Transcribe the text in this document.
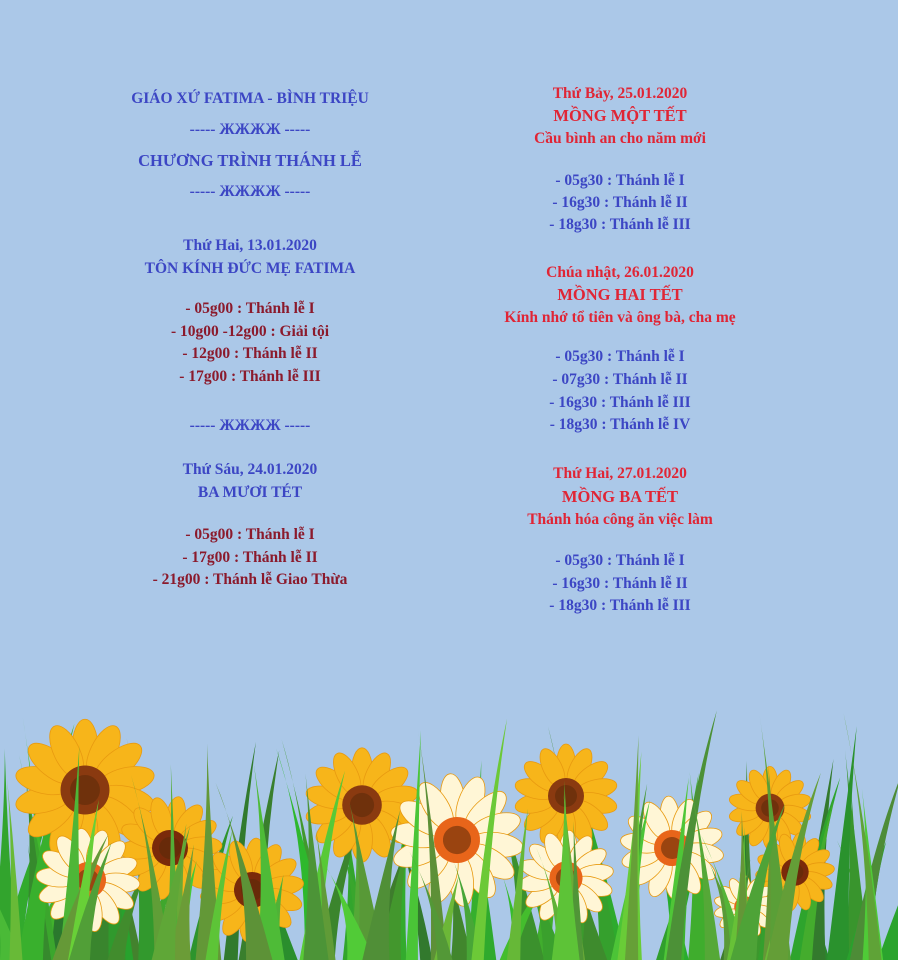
GIÁO XỨ FATIMA - BÌNH TRIỆU
----- ЖЖЖЖ -----
CHƯƠNG TRÌNH THÁNH LỄ
----- ЖЖЖЖ -----
Thứ Hai, 13.01.2020
TÔN KÍNH ĐỨC MẸ FATIMA
- 05g00 : Thánh lễ I
- 10g00 -12g00 : Giải tội
- 12g00 : Thánh lễ II
- 17g00 : Thánh lễ III
----- ЖЖЖЖ -----
Thứ Sáu, 24.01.2020
BA MƯƠI TÉT
- 05g00 : Thánh lễ I
- 17g00 : Thánh lễ II
- 21g00 : Thánh lễ Giao Thừa
Thứ Bảy, 25.01.2020
MỒNG MỘT TẾT
Cầu bình an cho năm mới
- 05g30 : Thánh lễ I
- 16g30 : Thánh lễ II
- 18g30 : Thánh lễ III
Chúa nhật, 26.01.2020
MỒNG HAI TẾT
Kính nhớ tổ tiên và ông bà, cha mẹ
- 05g30 : Thánh lễ I
- 07g30 : Thánh lễ II
- 16g30 : Thánh lễ III
- 18g30 : Thánh lễ IV
Thứ Hai, 27.01.2020
MỒNG BA TẾT
Thánh hóa công ăn việc làm
- 05g30 : Thánh lễ I
- 16g30 : Thánh lễ II
- 18g30 : Thánh lễ III
